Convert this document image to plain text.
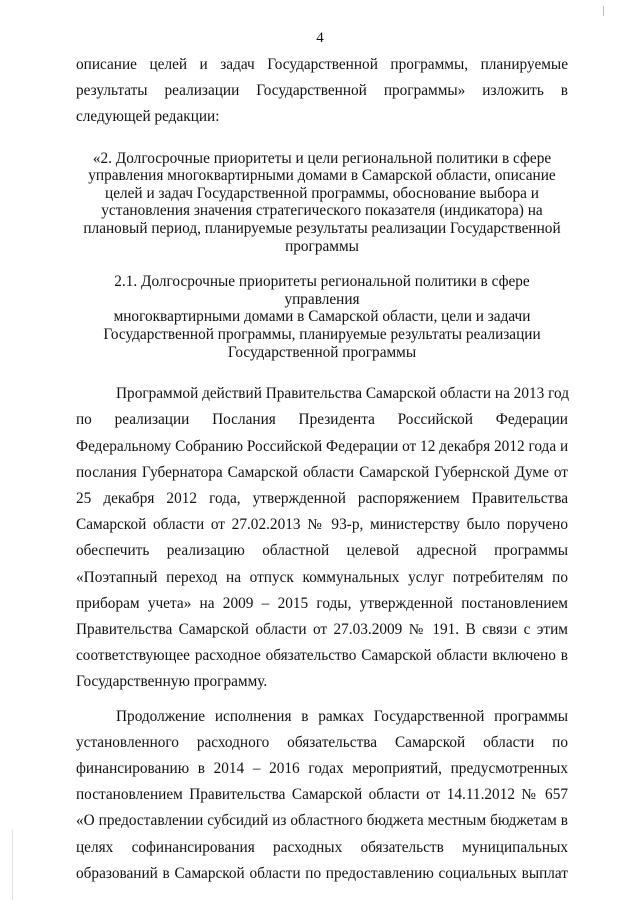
4
описание целей и задач Государственной программы, планируемые
результаты реализации Государственной программы» изложить в
следующей редакции:
«2. Долгосрочные приоритеты и цели региональной политики в сфере
управления многоквартирными домами в Самарской области, описание
целей и задач Государственной программы, обоснование выбора и
установления значения стратегического показателя (индикатора) на
плановый период, планируемые результаты реализации Государственной
программы
2.1. Долгосрочные приоритеты региональной политики в сфере управления
многоквартирными домами в Самарской области, цели и задачи
Государственной программы, планируемые результаты реализации
Государственной программы
Программой действий Правительства Самарской области на 2013 год
по реализации Послания Президента Российской Федерации
Федеральному Собранию Российской Федерации от 12 декабря 2012 года и
послания Губернатора Самарской области Самарской Губернской Думе от
25 декабря 2012 года, утвержденной распоряжением Правительства
Самарской области от 27.02.2013 № 93-р, министерству было поручено
обеспечить реализацию областной целевой адресной программы
«Поэтапный переход на отпуск коммунальных услуг потребителям по
приборам учета» на 2009 – 2015 годы, утвержденной постановлением
Правительства Самарской области от 27.03.2009 № 191. В связи с этим
соответствующее расходное обязательство Самарской области включено в
Государственную программу.
Продолжение исполнения в рамках Государственной программы
установленного расходного обязательства Самарской области по
финансированию в 2014 – 2016 годах мероприятий, предусмотренных
постановлением Правительства Самарской области от 14.11.2012 № 657
«О предоставлении субсидий из областного бюджета местным бюджетам в
целях софинансирования расходных обязательств муниципальных
образований в Самарской области по предоставлению социальных выплат
